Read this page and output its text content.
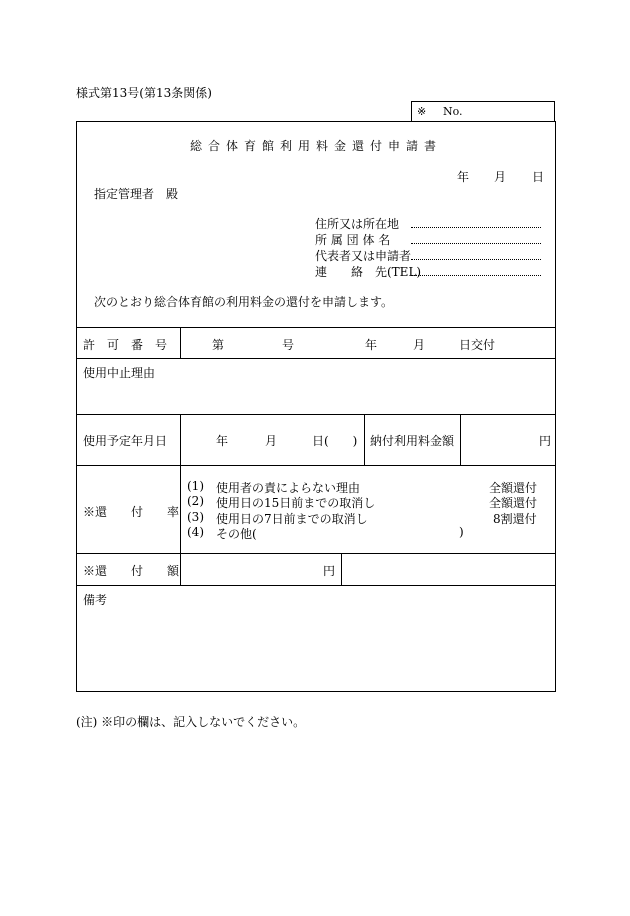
様式第13号(第13条関係)
※ No.
総合体育館利用料金還付申請書
年 月 日
指定管理者　殿
住所又は所在地
所 属 団 体 名
代表者又は申請者
連　　絡　先(TEL)
次のとおり総合体育館の利用料金の還付を申請します。
許　可　番　号	第	号	年	月	日交付
使用中止理由
使用予定年月日	年	月	日(　　) 納付利用料金額	円
※還　　付　　率
(1) 使用者の責によらない理由	全額還付
(2) 使用日の15日前までの取消し	全額還付
(3) 使用日の7日前までの取消し	8割還付
(4) その他(	)
※還　　付　　額	円
備考
(注) ※印の欄は、記入しないでください。
